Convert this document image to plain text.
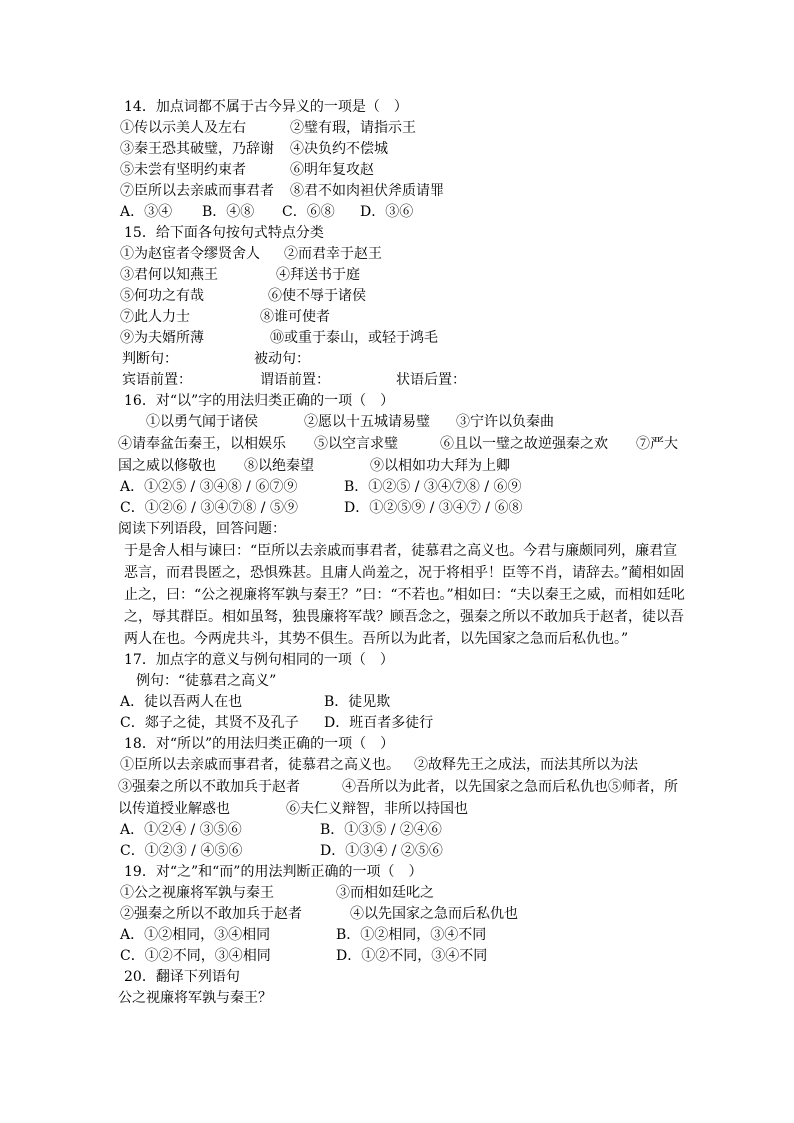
14．加点词都不属于古今异义的一项是（　）
①传以示美人及左右	②璧有瑕，请指示王
③秦王恐其破璧，乃辞谢 ④决负约不偿城
⑤未尝有坚明约束者	⑥明年复攻赵
⑦臣所以去亲戚而事君者 ⑧君不如肉袒伏斧质请罪
A．③④ B．④⑧ C．⑥⑧ D．③⑥
15．给下面各句按句式特点分类
①为赵宦者令缪贤舍人 ②而君幸于赵王
③君何以知燕王	④拜送书于庭
⑤何功之有哉	⑥使不辱于诸侯
⑦此人力士	⑧谁可使者
⑨为夫婿所薄	⑩或重于泰山，或轻于鸿毛
判断句：	被动句：
宾语前置：	谓语前置：	状语后置：
16．对“以”字的用法归类正确的一项（　）
①以勇气闻于诸侯	②愿以十五城请易璧 ③宁许以负秦曲
④请奉盆缶秦王，以相娱乐　　⑤以空言求璧　　　⑥且以一璧之故逆强秦之欢　　⑦严大国之威以修敬也　　⑧以绝秦望　　　　⑨以相如功大拜为上卿
A．①②⑤ / ③④⑧ / ⑥⑦⑨	B．①②⑤ / ③④⑦⑧ / ⑥⑨
C．①②⑥ / ③④⑦⑧ / ⑤⑨	D．①②⑤⑨ / ③④⑦ / ⑥⑧
阅读下列语段，回答问题：
于是舍人相与谏曰：“臣所以去亲戚而事君者，徒慕君之高义也。今君与廉颇同列，廉君宣恶言，而君畏匿之，恐惧殊甚。且庸人尚羞之，况于将相乎！臣等不肖，请辞去。”蔺相如固止之，曰：“公之视廉将军孰与秦王？”曰：“不若也。”相如曰：“夫以秦王之威，而相如廷叱之，辱其群臣。相如虽驽，独畏廉将军哉？顾吾念之，强秦之所以不敢加兵于赵者，徒以吾两人在也。今两虎共斗，其势不俱生。吾所以为此者，以先国家之急而后私仇也。”
17．加点字的意义与例句相同的一项（　）
例句：“徒慕君之高义”
A．徒以吾两人在也	B．徒见欺
C．郯子之徒，其贤不及孔子 D．班百者多徒行
18．对“所以”的用法归类正确的一项（　）
①臣所以去亲戚而事君者，徒慕君之高义也。 ②故释先王之成法，而法其所以为法
③强秦之所以不敢加兵于赵者　　　④吾所以为此者，以先国家之急而后私仇也⑤师者，所以传道授业解惑也　　　　⑥夫仁义辩智，非所以持国也
A．①②④ / ③⑤⑥	B．①③⑤ / ②④⑥
C．①②③ / ④⑤⑥	D．①③④ / ②⑤⑥
19．对“之”和“而”的用法判断正确的一项（　）
①公之视廉将军孰与秦王	③而相如廷叱之
②强秦之所以不敢加兵于赵者	④以先国家之急而后私仇也
A．①②相同，③④相同	B．①②相同，③④不同
C．①②不同，③④相同	D．①②不同，③④不同
20．翻译下列语句
公之视廉将军孰与秦王？
